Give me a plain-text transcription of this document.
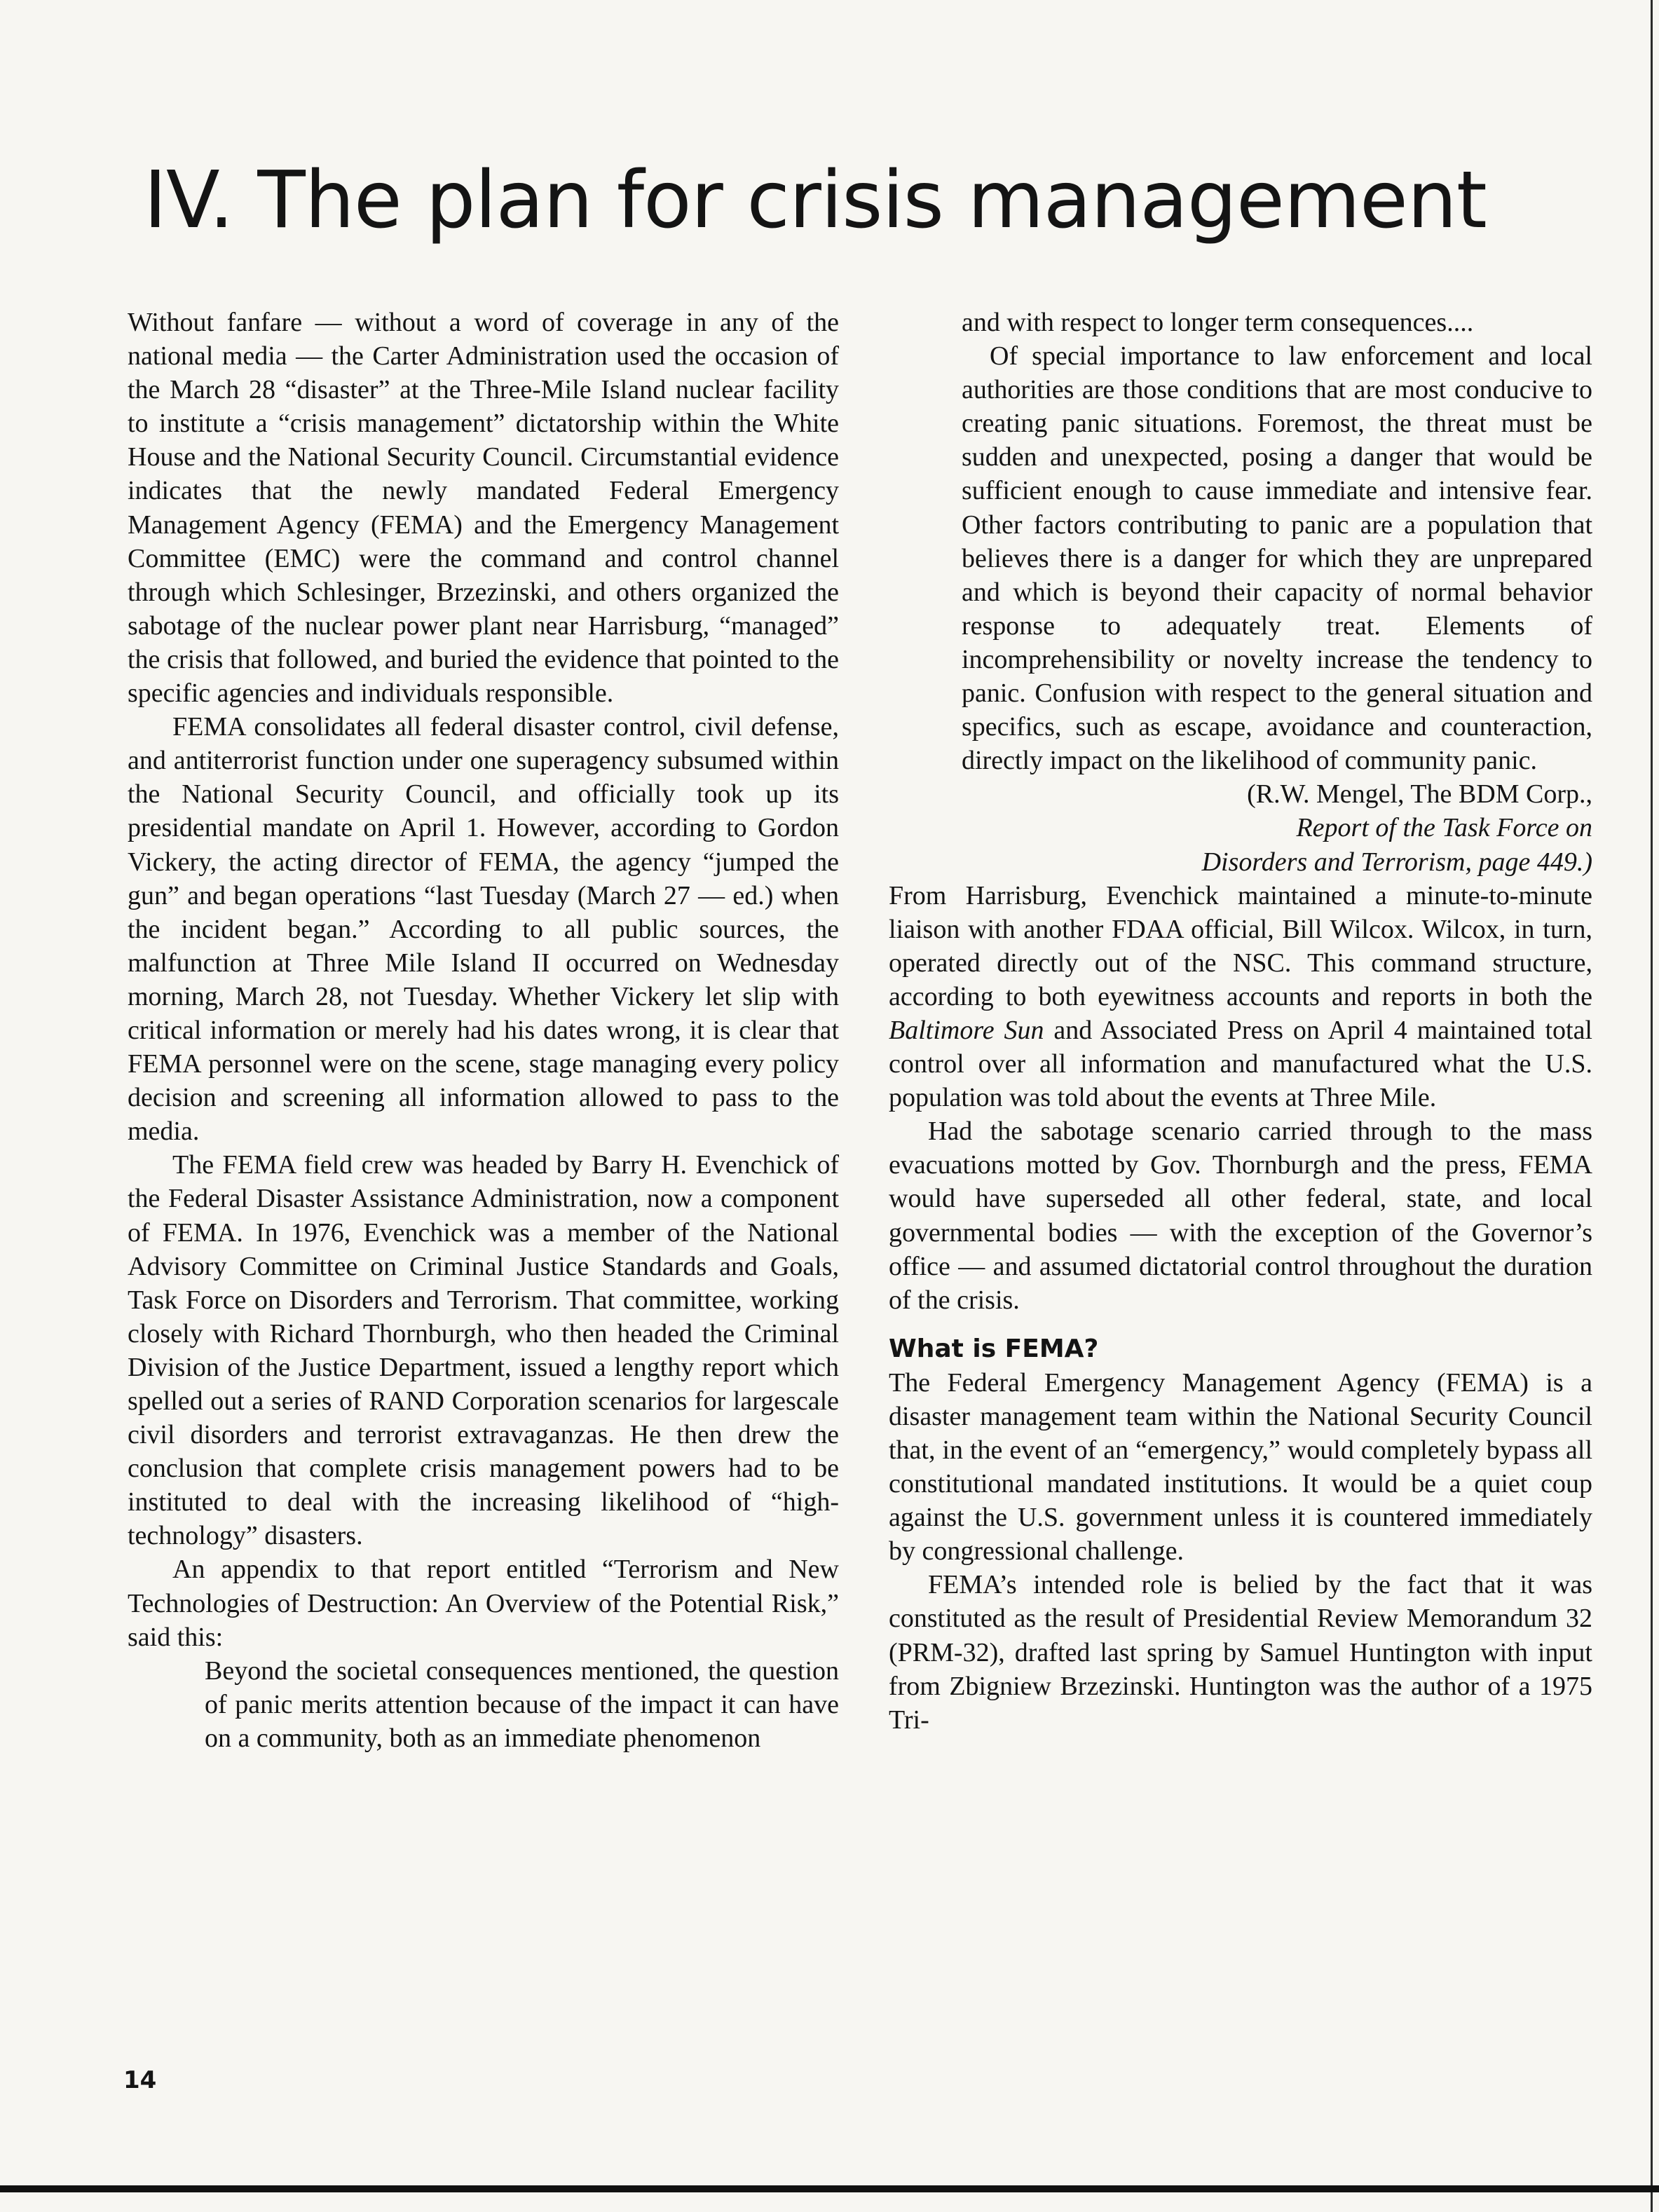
IV. The plan for crisis management

Without fanfare — without a word of coverage in any of the national media — the Carter Administration used the occasion of the March 28 “disaster” at the Three-Mile Island nuclear facility to institute a “crisis management” dictatorship within the White House and the National Security Council. Circumstantial evidence indicates that the newly mandated Federal Emergency Management Agency (FEMA) and the Emergency Management Committee (EMC) were the command and control channel through which Schlesinger, Brzezinski, and others organized the sabotage of the nuclear power plant near Harrisburg, “managed” the crisis that followed, and buried the evidence that pointed to the specific agencies and individuals responsible.

FEMA consolidates all federal disaster control, civil defense, and antiterrorist function under one superagency subsumed within the National Security Council, and officially took up its presidential mandate on April 1. However, according to Gordon Vickery, the acting director of FEMA, the agency “jumped the gun” and began operations “last Tuesday (March 27 — ed.) when the incident began.” According to all public sources, the malfunction at Three Mile Island II occurred on Wednesday morning, March 28, not Tuesday. Whether Vickery let slip with critical information or merely had his dates wrong, it is clear that FEMA personnel were on the scene, stage managing every policy decision and screening all information allowed to pass to the media.

The FEMA field crew was headed by Barry H. Evenchick of the Federal Disaster Assistance Administration, now a component of FEMA. In 1976, Evenchick was a member of the National Advisory Committee on Criminal Justice Standards and Goals, Task Force on Disorders and Terrorism. That committee, working closely with Richard Thornburgh, who then headed the Criminal Division of the Justice Department, issued a lengthy report which spelled out a series of RAND Corporation scenarios for largescale civil disorders and terrorist extravaganzas. He then drew the conclusion that complete crisis management powers had to be instituted to deal with the increasing likelihood of “high-technology” disasters.

An appendix to that report entitled “Terrorism and New Technologies of Destruction: An Overview of the Potential Risk,” said this:

Beyond the societal consequences mentioned, the question of panic merits attention because of the impact it can have on a community, both as an immediate phenomenon

and with respect to longer term consequences....

Of special importance to law enforcement and local authorities are those conditions that are most conducive to creating panic situations. Foremost, the threat must be sudden and unexpected, posing a danger that would be sufficient enough to cause immediate and intensive fear. Other factors contributing to panic are a population that believes there is a danger for which they are unprepared and which is beyond their capacity of normal behavior response to adequately treat. Elements of incomprehensibility or novelty increase the tendency to panic. Confusion with respect to the general situation and specifics, such as escape, avoidance and counteraction, directly impact on the likelihood of community panic.

(R.W. Mengel, The BDM Corp.,
Report of the Task Force on
Disorders and Terrorism, page 449.)

From Harrisburg, Evenchick maintained a minute-to-minute liaison with another FDAA official, Bill Wilcox. Wilcox, in turn, operated directly out of the NSC. This command structure, according to both eyewitness accounts and reports in both the Baltimore Sun and Associated Press on April 4 maintained total control over all information and manufactured what the U.S. population was told about the events at Three Mile.

Had the sabotage scenario carried through to the mass evacuations motted by Gov. Thornburgh and the press, FEMA would have superseded all other federal, state, and local governmental bodies — with the exception of the Governor’s office — and assumed dictatorial control throughout the duration of the crisis.

What is FEMA?

The Federal Emergency Management Agency (FEMA) is a disaster management team within the National Security Council that, in the event of an “emergency,” would completely bypass all constitutional mandated institutions. It would be a quiet coup against the U.S. government unless it is countered immediately by congressional challenge.

FEMA’s intended role is belied by the fact that it was constituted as the result of Presidential Review Memorandum 32 (PRM-32), drafted last spring by Samuel Huntington with input from Zbigniew Brzezinski. Huntington was the author of a 1975 Tri-

14
